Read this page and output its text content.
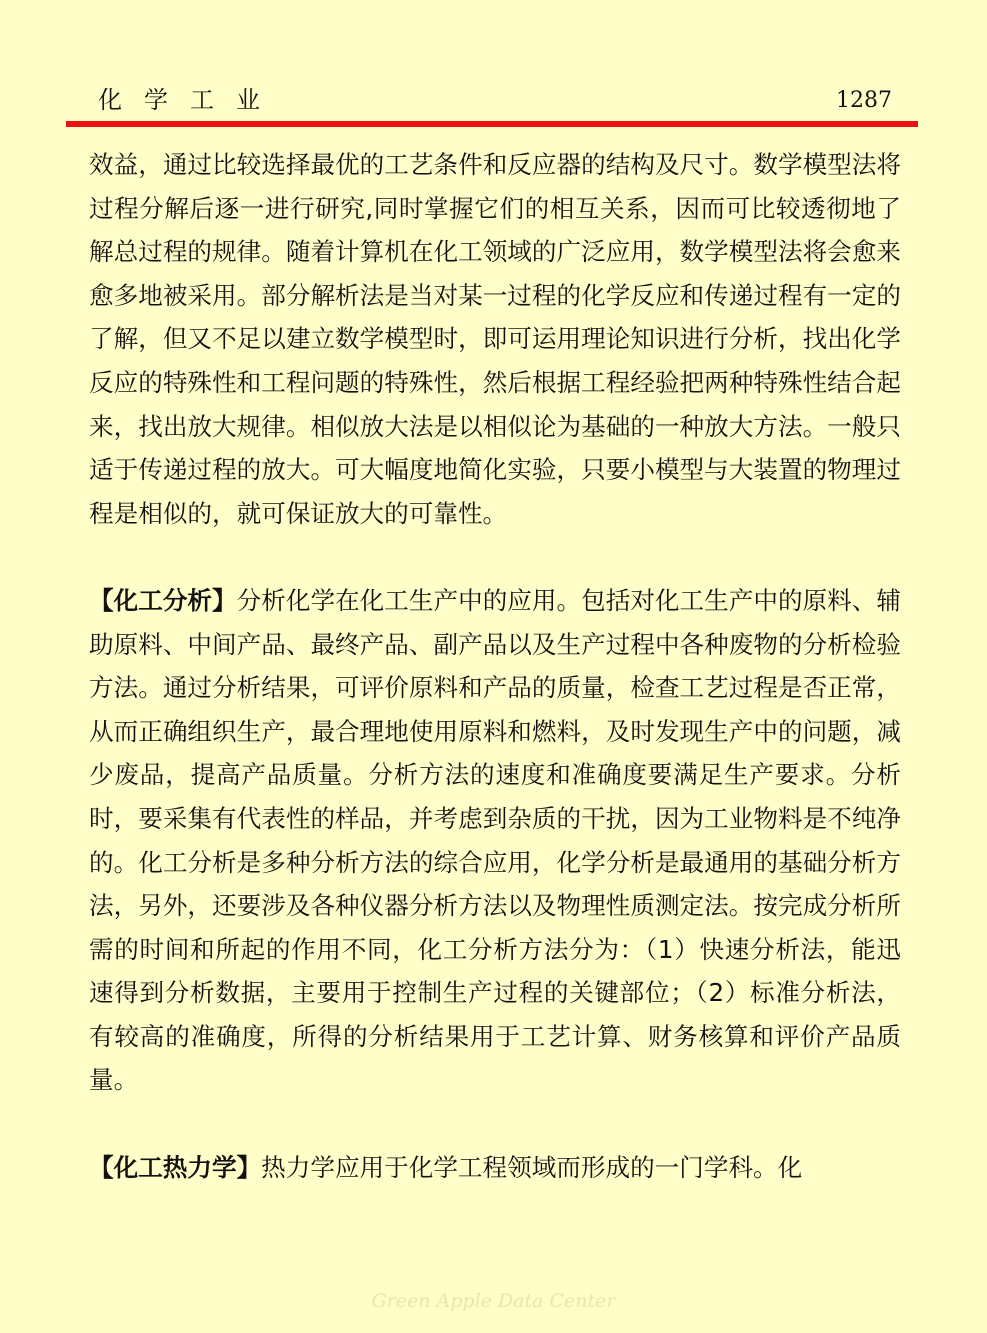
化学工业	1287

效益，通过比较选择最优的工艺条件和反应器的结构及尺寸。数学模型法将过程分解后逐一进行研究,同时掌握它们的相互关系，因而可比较透彻地了解总过程的规律。随着计算机在化工领域的广泛应用，数学模型法将会愈来愈多地被采用。部分解析法是当对某一过程的化学反应和传递过程有一定的了解，但又不足以建立数学模型时，即可运用理论知识进行分析，找出化学反应的特殊性和工程问题的特殊性，然后根据工程经验把两种特殊性结合起来，找出放大规律。相似放大法是以相似论为基础的一种放大方法。一般只适于传递过程的放大。可大幅度地简化实验，只要小模型与大装置的物理过程是相似的，就可保证放大的可靠性。

【化工分析】分析化学在化工生产中的应用。包括对化工生产中的原料、辅助原料、中间产品、最终产品、副产品以及生产过程中各种废物的分析检验方法。通过分析结果，可评价原料和产品的质量，检查工艺过程是否正常，从而正确组织生产，最合理地使用原料和燃料，及时发现生产中的问题，减少废品，提高产品质量。分析方法的速度和准确度要满足生产要求。分析时，要采集有代表性的样品，并考虑到杂质的干扰，因为工业物料是不纯净的。化工分析是多种分析方法的综合应用，化学分析是最通用的基础分析方法，另外，还要涉及各种仪器分析方法以及物理性质测定法。按完成分析所需的时间和所起的作用不同，化工分析方法分为：（1）快速分析法，能迅速得到分析数据，主要用于控制生产过程的关键部位；（2）标准分析法，有较高的准确度，所得的分析结果用于工艺计算、财务核算和评价产品质量。

【化工热力学】热力学应用于化学工程领域而形成的一门学科。化

Green Apple Data Center
